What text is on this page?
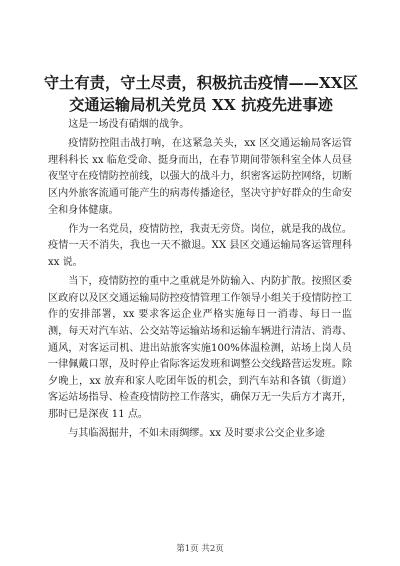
守土有责，守土尽责，积极抗击疫情——XX区交通运输局机关党员 XX 抗疫先进事迹

这是一场没有硝烟的战争。

疫情防控阻击战打响，在这紧急关头，xx 区交通运输局客运管理科科长 xx 临危受命、挺身而出，在春节期间带领科室全体人员昼夜坚守在疫情防控前线，以强大的战斗力，织密客运防控网络，切断区内外旅客流通可能产生的病毒传播途径，坚决守护好群众的生命安全和身体健康。

作为一名党员，疫情防控，我责无旁贷。岗位，就是我的战位。疫情一天不消失，我也一天不撤退。XX 县区交通运输局客运管理科 xx 说。

当下，疫情防控的重中之重就是外防输入、内防扩散。按照区委区政府以及区交通运输局防控疫情管理工作领导小组关于疫情防控工作的安排部署，xx 要求客运企业严格实施每日一消毒、每日一监测，每天对汽车站、公交站等运输站场和运输车辆进行清洁、消毒、通风，对客运司机、进出站旅客实施100%体温检测，站场上岗人员一律佩戴口罩，及时停止省际客运发班和调整公交线路营运发班。除夕晚上，xx 放弃和家人吃团年饭的机会，到汽车站和各镇（街道）客运站场指导、检查疫情防控工作落实，确保万无一失后方才离开，那时已是深夜 11 点。

与其临渴掘井，不如未雨绸缪。xx 及时要求公交企业多途

第1页 共2页
